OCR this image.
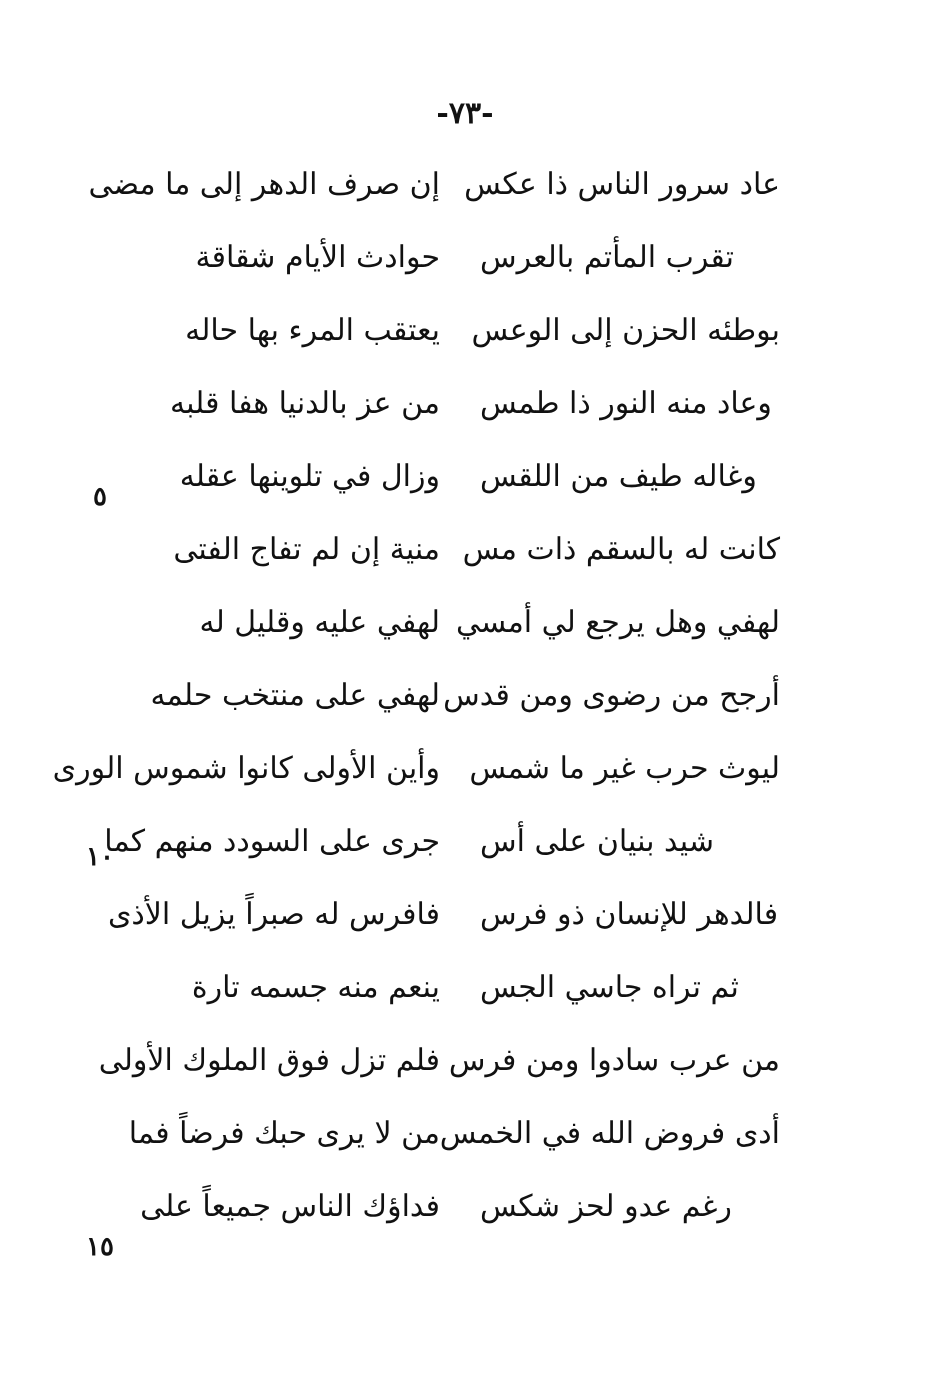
-٧٣-
إن صرف الدهر إلى ما مضى عاد سرور الناس ذا عكس
حوادث الأيام شقاقة تقرب المأتم بالعرس
يعتقب المرء بها حاله بوطئه الحزن إلى الوعس
من عز بالدنيا هفا قلبه وعاد منه النور ذا طمس
وزال في تلوينها عقله وغاله طيف من اللقس
منية إن لم تفاج الفتى كانت له بالسقم ذات مس
لهفي عليه وقليل له لهفي وهل يرجع لي أمسي
لهفي على منتخب حلمه أرجح من رضوى ومن قدس
وأين الأولى كانوا شموس الورى ليوث حرب غير ما شمس
جرى على السودد منهم كما شيد بنيان على أس
فافرس له صبراً يزيل الأذى فالدهر للإنسان ذو فرس
ينعم منه جسمه تارة ثم تراه جاسي الجس
فلم تزل فوق الملوك الأولى من عرب سادوا ومن فرس
من لا يرى حبك فرضاً فما أدى فروض الله في الخمس
فداؤك الناس جميعاً على رغم عدو لحز شكس
٥
١٠
١٥
